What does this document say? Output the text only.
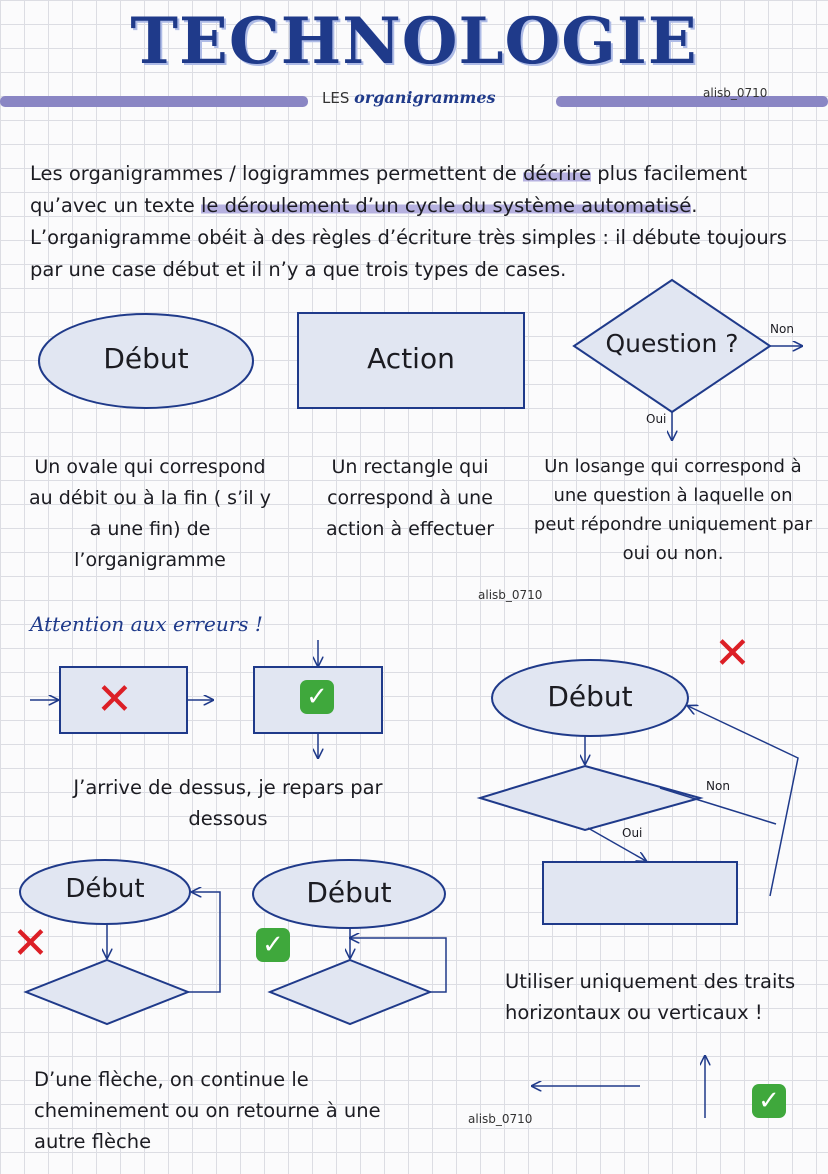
TECHNOLOGIE
LES organigrammes	alisb_0710
Les organigrammes / logigrammes permettent de décrire plus facilement qu’avec un texte le déroulement d’un cycle du système automatisé. L’organigramme obéit à des règles d’écriture très simples : il débute toujours par une case début et il n’y a que trois types de cases.
Début	Action	Question ?	Non
Oui
Un ovale qui correspond au débit ou à la fin ( s’il y a une fin) de l’organigramme
Un rectangle qui correspond à une action à effectuer
Un losange qui correspond à une question à laquelle on peut répondre uniquement par oui ou non.
alisb_0710
Attention aux erreurs !
Début
Non
Oui
Début	Début
✕	✓
✕
✕	✓
✓
J’arrive de dessus, je repars par dessous
Utiliser uniquement des traits horizontaux ou verticaux !
D’une flèche, on continue le cheminement ou on retourne à une autre flèche
alisb_0710
